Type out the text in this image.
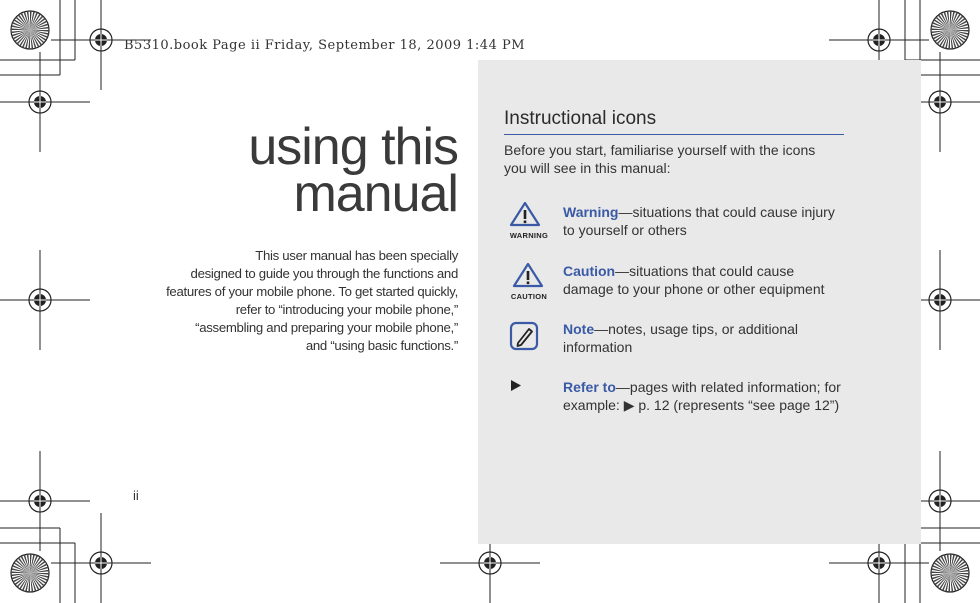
B5310.book Page ii Friday, September 18, 2009 1:44 PM
using this
manual
This user manual has been specially
designed to guide you through the functions and
features of your mobile phone. To get started quickly,
refer to “introducing your mobile phone,”
“assembling and preparing your mobile phone,”
and “using basic functions.”
ii
Instructional icons
Before you start, familiarise yourself with the icons you will see in this manual:
WARNING
Warning—situations that could cause injury to yourself or others
CAUTION
Caution—situations that could cause damage to your phone or other equipment
Note—notes, usage tips, or additional information
Refer to—pages with related information; for example: ▶ p. 12 (represents “see page 12”)
